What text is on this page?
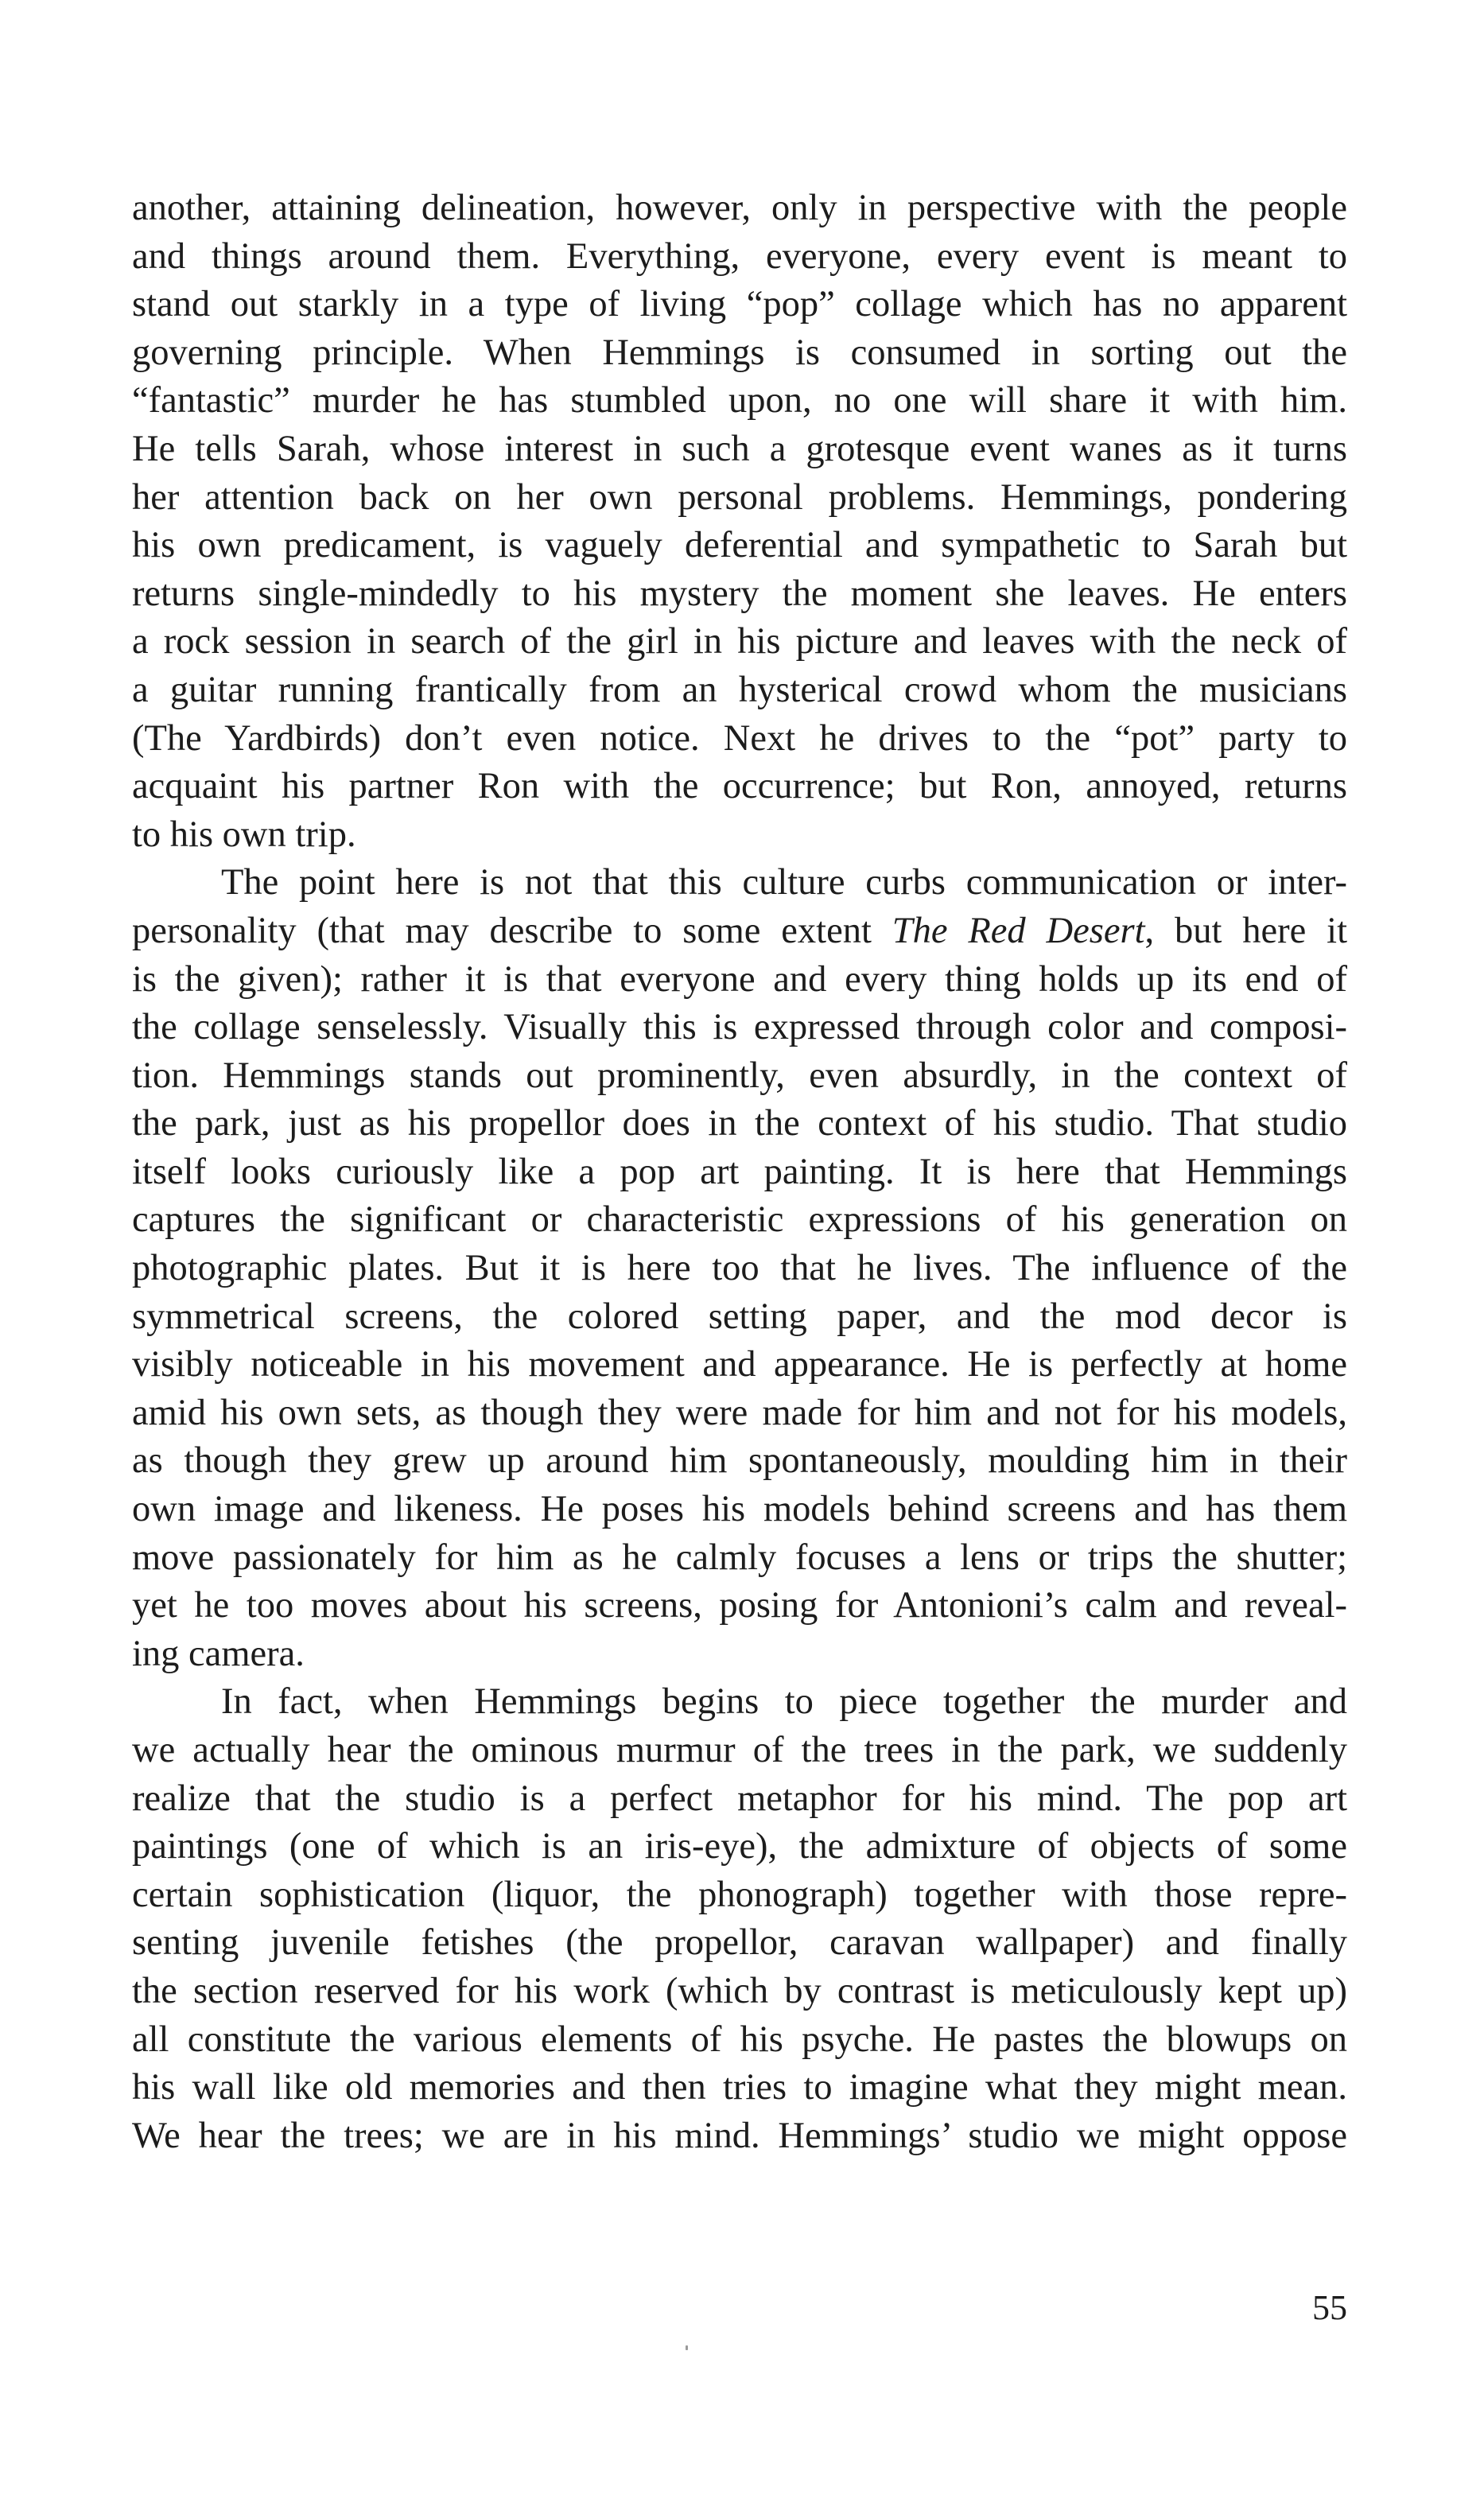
another, attaining delineation, however, only in perspective with the people
and things around them. Everything, everyone, every event is meant to
stand out starkly in a type of living “pop” collage which has no apparent
governing principle. When Hemmings is consumed in sorting out the
“fantastic” murder he has stumbled upon, no one will share it with him.
He tells Sarah, whose interest in such a grotesque event wanes as it turns
her attention back on her own personal problems. Hemmings, pondering
his own predicament, is vaguely deferential and sympathetic to Sarah but
returns single-mindedly to his mystery the moment she leaves. He enters
a rock session in search of the girl in his picture and leaves with the neck of
a guitar running frantically from an hysterical crowd whom the musicians
(The Yardbirds) don’t even notice. Next he drives to the “pot” party to
acquaint his partner Ron with the occurrence; but Ron, annoyed, returns
to his own trip.
The point here is not that this culture curbs communication or inter-
personality (that may describe to some extent The Red Desert, but here it
is the given); rather it is that everyone and every thing holds up its end of
the collage senselessly. Visually this is expressed through color and composi-
tion. Hemmings stands out prominently, even absurdly, in the context of
the park, just as his propellor does in the context of his studio. That studio
itself looks curiously like a pop art painting. It is here that Hemmings
captures the significant or characteristic expressions of his generation on
photographic plates. But it is here too that he lives. The influence of the
symmetrical screens, the colored setting paper, and the mod decor is
visibly noticeable in his movement and appearance. He is perfectly at home
amid his own sets, as though they were made for him and not for his models,
as though they grew up around him spontaneously, moulding him in their
own image and likeness. He poses his models behind screens and has them
move passionately for him as he calmly focuses a lens or trips the shutter;
yet he too moves about his screens, posing for Antonioni’s calm and reveal-
ing camera.
In fact, when Hemmings begins to piece together the murder and
we actually hear the ominous murmur of the trees in the park, we suddenly
realize that the studio is a perfect metaphor for his mind. The pop art
paintings (one of which is an iris-eye), the admixture of objects of some
certain sophistication (liquor, the phonograph) together with those repre-
senting juvenile fetishes (the propellor, caravan wallpaper) and finally
the section reserved for his work (which by contrast is meticulously kept up)
all constitute the various elements of his psyche. He pastes the blowups on
his wall like old memories and then tries to imagine what they might mean.
We hear the trees; we are in his mind. Hemmings’ studio we might oppose
55
